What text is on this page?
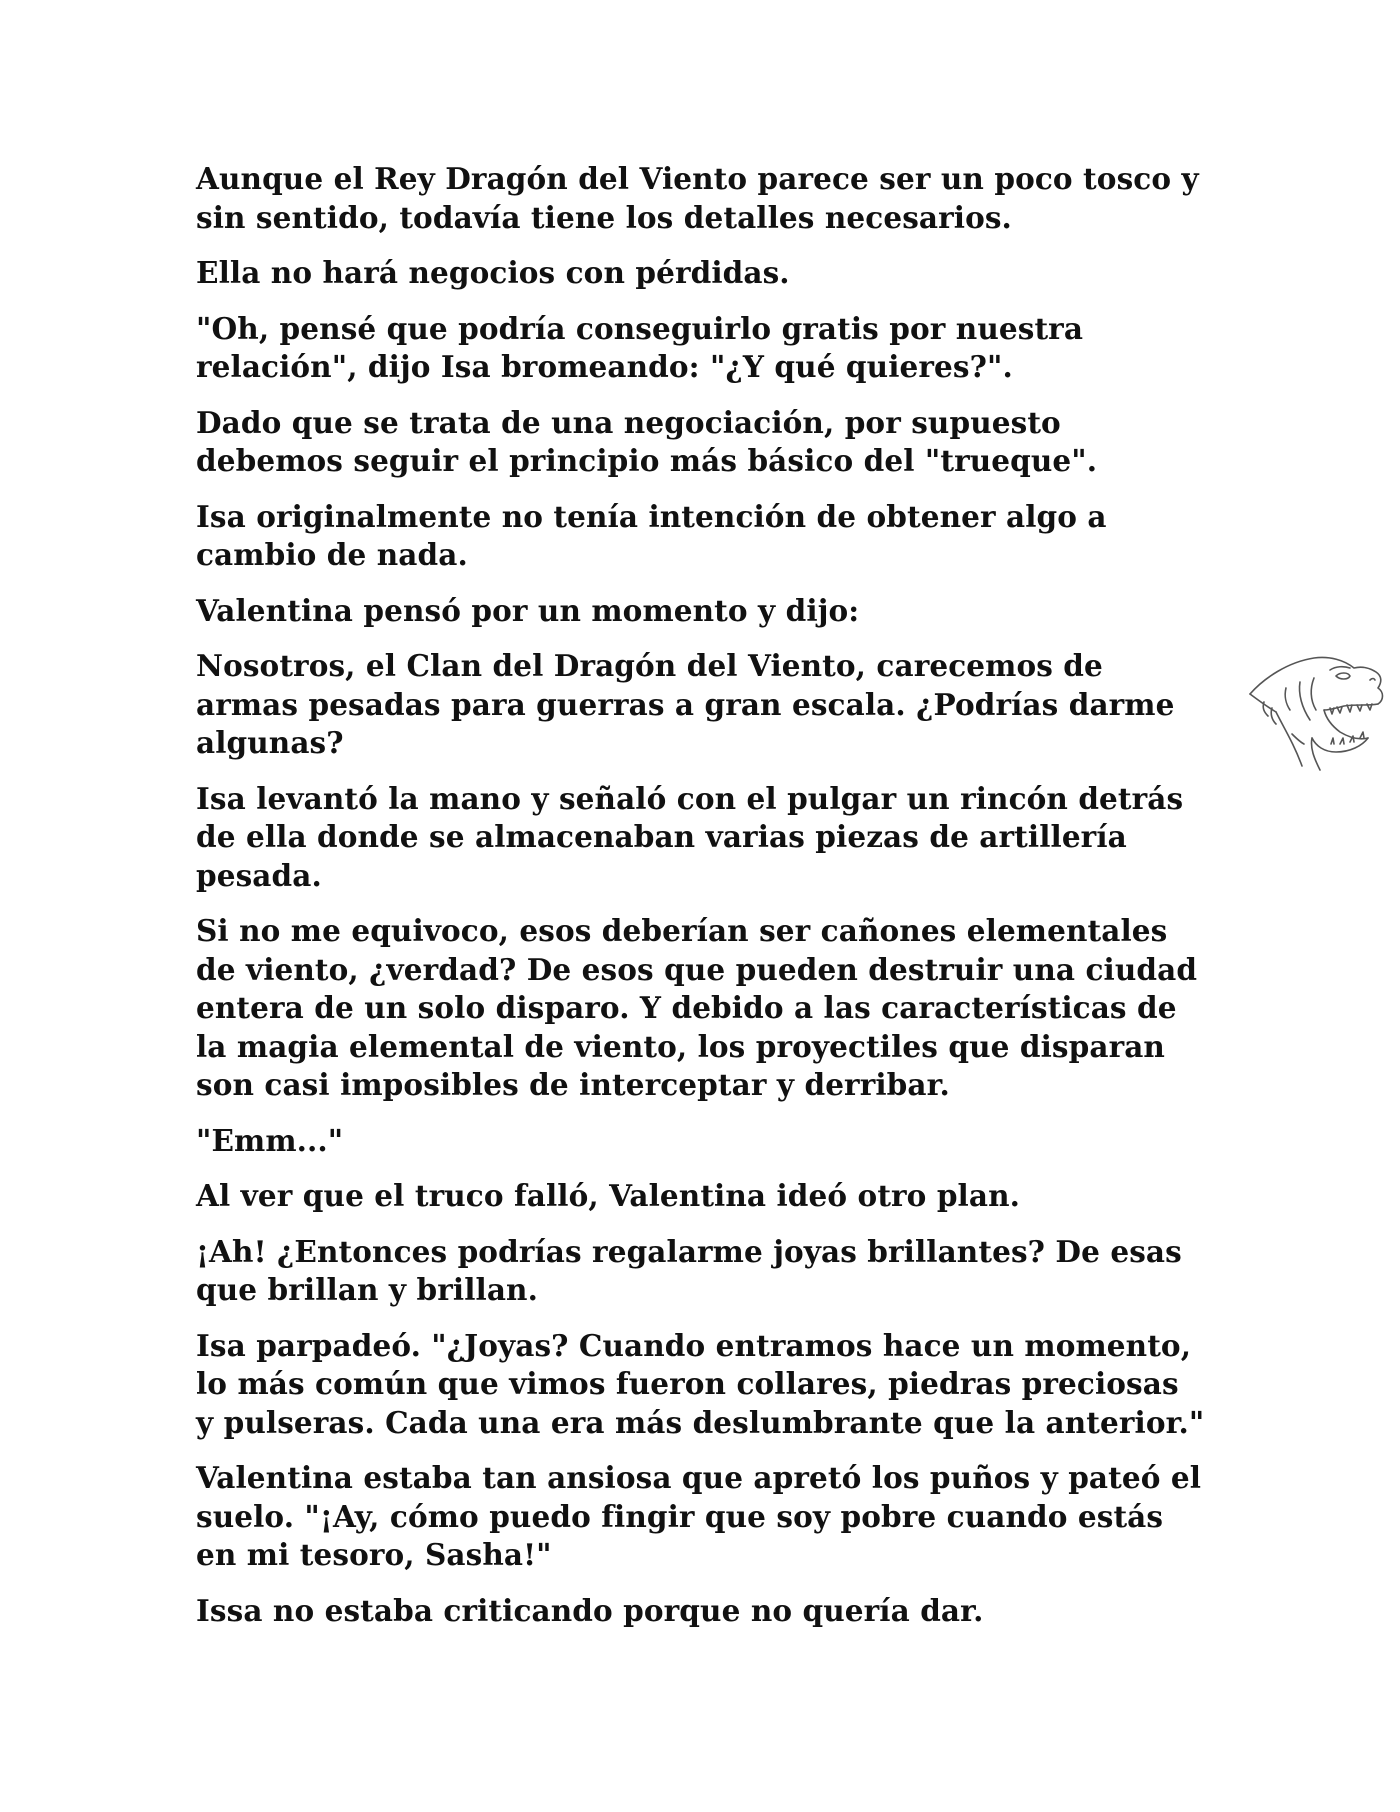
Aunque el Rey Dragón del Viento parece ser un poco tosco y sin sentido, todavía tiene los detalles necesarios.

Ella no hará negocios con pérdidas.

"Oh, pensé que podría conseguirlo gratis por nuestra relación", dijo Isa bromeando: "¿Y qué quieres?".

Dado que se trata de una negociación, por supuesto debemos seguir el principio más básico del "trueque".

Isa originalmente no tenía intención de obtener algo a cambio de nada.

Valentina pensó por un momento y dijo:

Nosotros, el Clan del Dragón del Viento, carecemos de armas pesadas para guerras a gran escala. ¿Podrías darme algunas?

Isa levantó la mano y señaló con el pulgar un rincón detrás de ella donde se almacenaban varias piezas de artillería pesada.

Si no me equivoco, esos deberían ser cañones elementales de viento, ¿verdad? De esos que pueden destruir una ciudad entera de un solo disparo. Y debido a las características de la magia elemental de viento, los proyectiles que disparan son casi imposibles de interceptar y derribar.

"Emm..."

Al ver que el truco falló, Valentina ideó otro plan.

¡Ah! ¿Entonces podrías regalarme joyas brillantes? De esas que brillan y brillan.

Isa parpadeó. "¿Joyas? Cuando entramos hace un momento, lo más común que vimos fueron collares, piedras preciosas y pulseras. Cada una era más deslumbrante que la anterior."

Valentina estaba tan ansiosa que apretó los puños y pateó el suelo. "¡Ay, cómo puedo fingir que soy pobre cuando estás en mi tesoro, Sasha!"

Issa no estaba criticando porque no quería dar.
